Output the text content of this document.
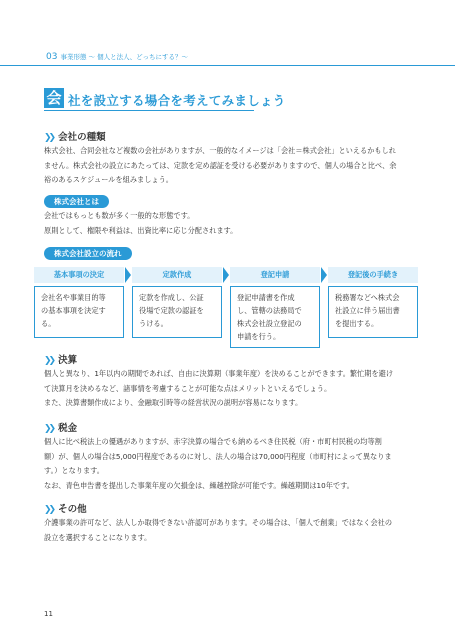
03 事業形態 〜 個人と法人、どっちにする？〜
会 社を設立する場合を考えてみましょう
❯❯ 会社の種類

株式会社、合同会社など複数の会社がありますが、一般的なイメージは「会社＝株式会社」といえるかもしれ

ません。株式会社の設立にあたっては、定款を定め認証を受ける必要がありますので、個人の場合と比べ、余

裕のあるスケジュールを組みましょう。

株式会社とは

会社ではもっとも数が多く一般的な形態です。

原則として、権限や利益は、出資比率に応じ分配されます。

株式会社設立の流れ
基本事項の決定
会社名や事業目的等
の基本事項を決定す
る。
定款作成
定款を作成し、公証
役場で定款の認証を
うける。
登記申請
登記申請書を作成
し、管轄の法務局で
株式会社設立登記の
申請を行う。
登記後の手続き
税務署などへ株式会
社設立に伴う届出書
を提出する。
❯❯ 決算

個人と異なり、1年以内の期間であれば、自由に決算期（事業年度）を決めることができます。繁忙期を避け

て決算月を決めるなど、諸事情を考慮することが可能な点はメリットといえるでしょう。

また、決算書類作成により、金融取引時等の経営状況の説明が容易になります。

❯❯ 税金

個人に比べ税法上の優遇がありますが、赤字決算の場合でも納めるべき住民税（府・市町村民税の均等割

額）が、個人の場合は5,000円程度であるのに対し、法人の場合は70,000円程度（市町村によって異なりま

す。）となります。

なお、青色申告書を提出した事業年度の欠損金は、繰越控除が可能です。繰越期間は10年です。

❯❯ その他

介護事業の許可など、法人しか取得できない許認可があります。その場合は、「個人で創業」ではなく会社の

設立を選択することになります。

11
